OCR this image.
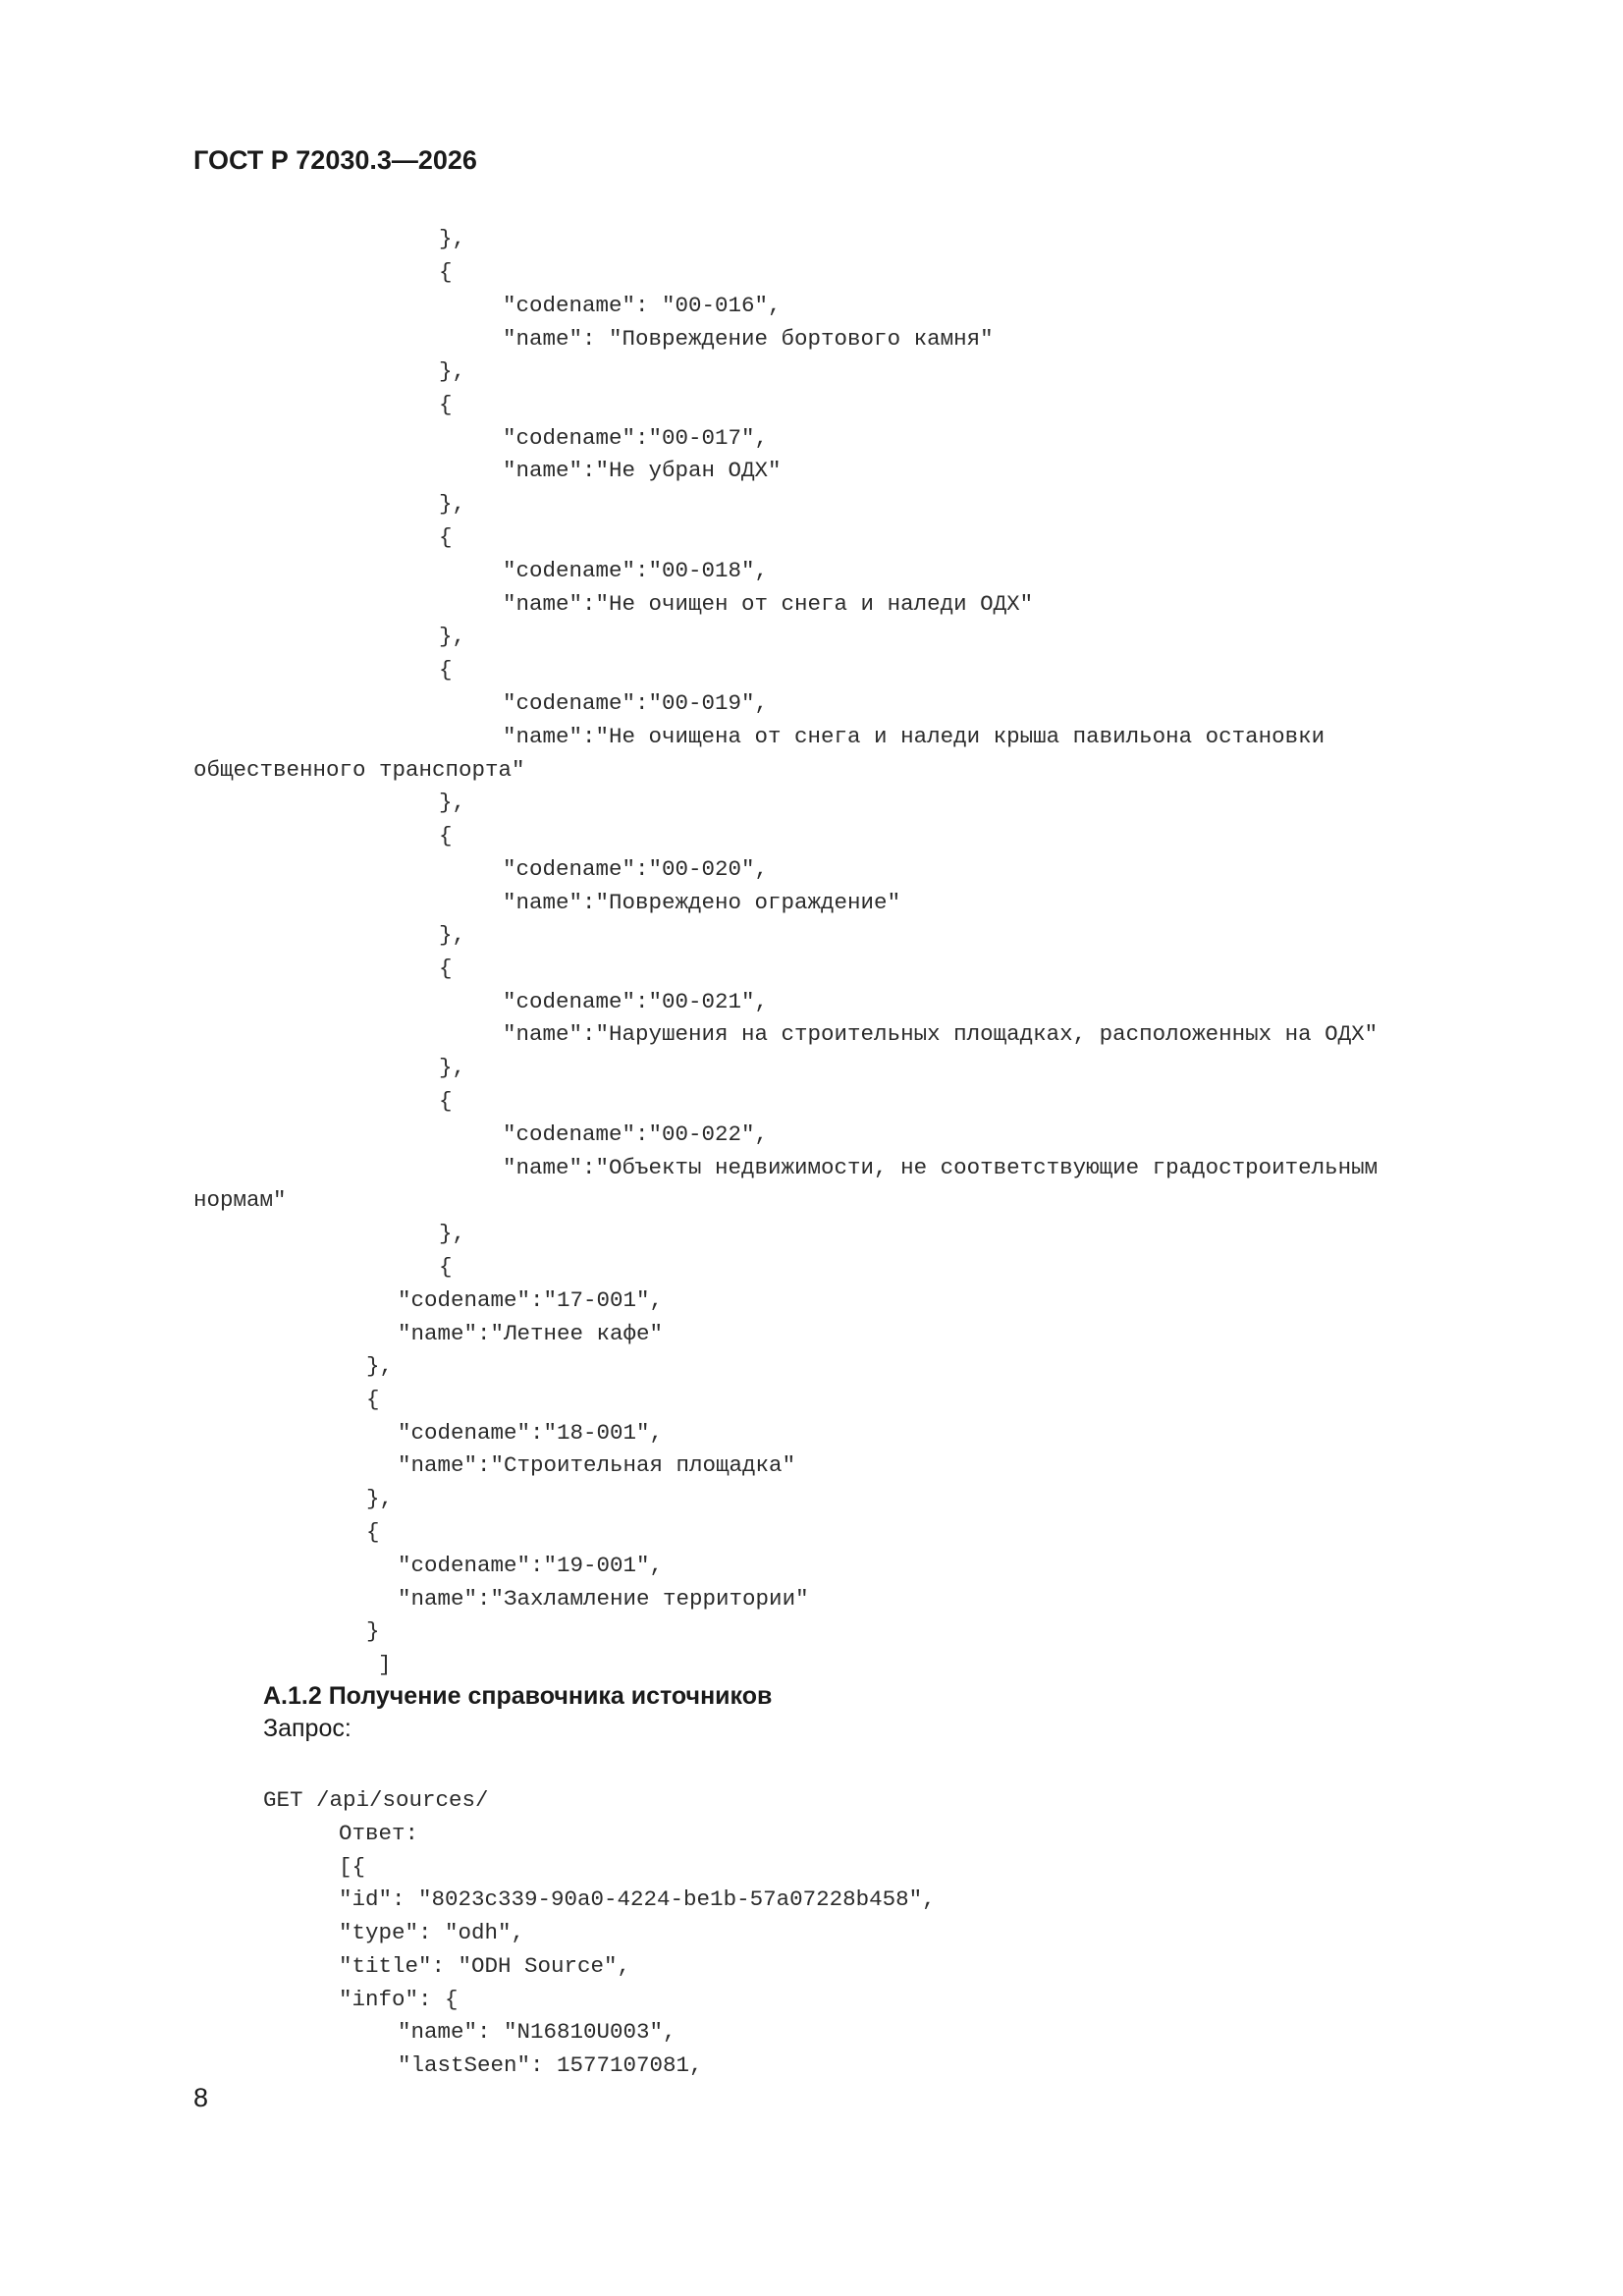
ГОСТ Р 72030.3—2026
},
{
"codename": "00-016",
"name": "Повреждение бортового камня"
},
{
"codename":"00-017",
"name":"Не убран ОДХ"
},
{
"codename":"00-018",
"name":"Не очищен от снега и наледи ОДХ"
},
{
"codename":"00-019",
"name":"Не очищена от снега и наледи крыша павильона остановки
общественного транспорта"
},
{
"codename":"00-020",
"name":"Повреждено ограждение"
},
{
"codename":"00-021",
"name":"Нарушения на строительных площадках, расположенных на ОДХ"
},
{
"codename":"00-022",
"name":"Объекты недвижимости, не соответствующие градостроительным
нормам"
},
{
"codename":"17-001",
"name":"Летнее кафе"
},
{
"codename":"18-001",
"name":"Строительная площадка"
},
{
"codename":"19-001",
"name":"Захламление территории"
}
]
А.1.2 Получение справочника источников
Запрос:
GET /api/sources/
Ответ:
[{
"id": "8023c339-90a0-4224-be1b-57a07228b458",
"type": "odh",
"title": "ODH Source",
"info": {
"name": "N16810U003",
"lastSeen": 1577107081,
8
